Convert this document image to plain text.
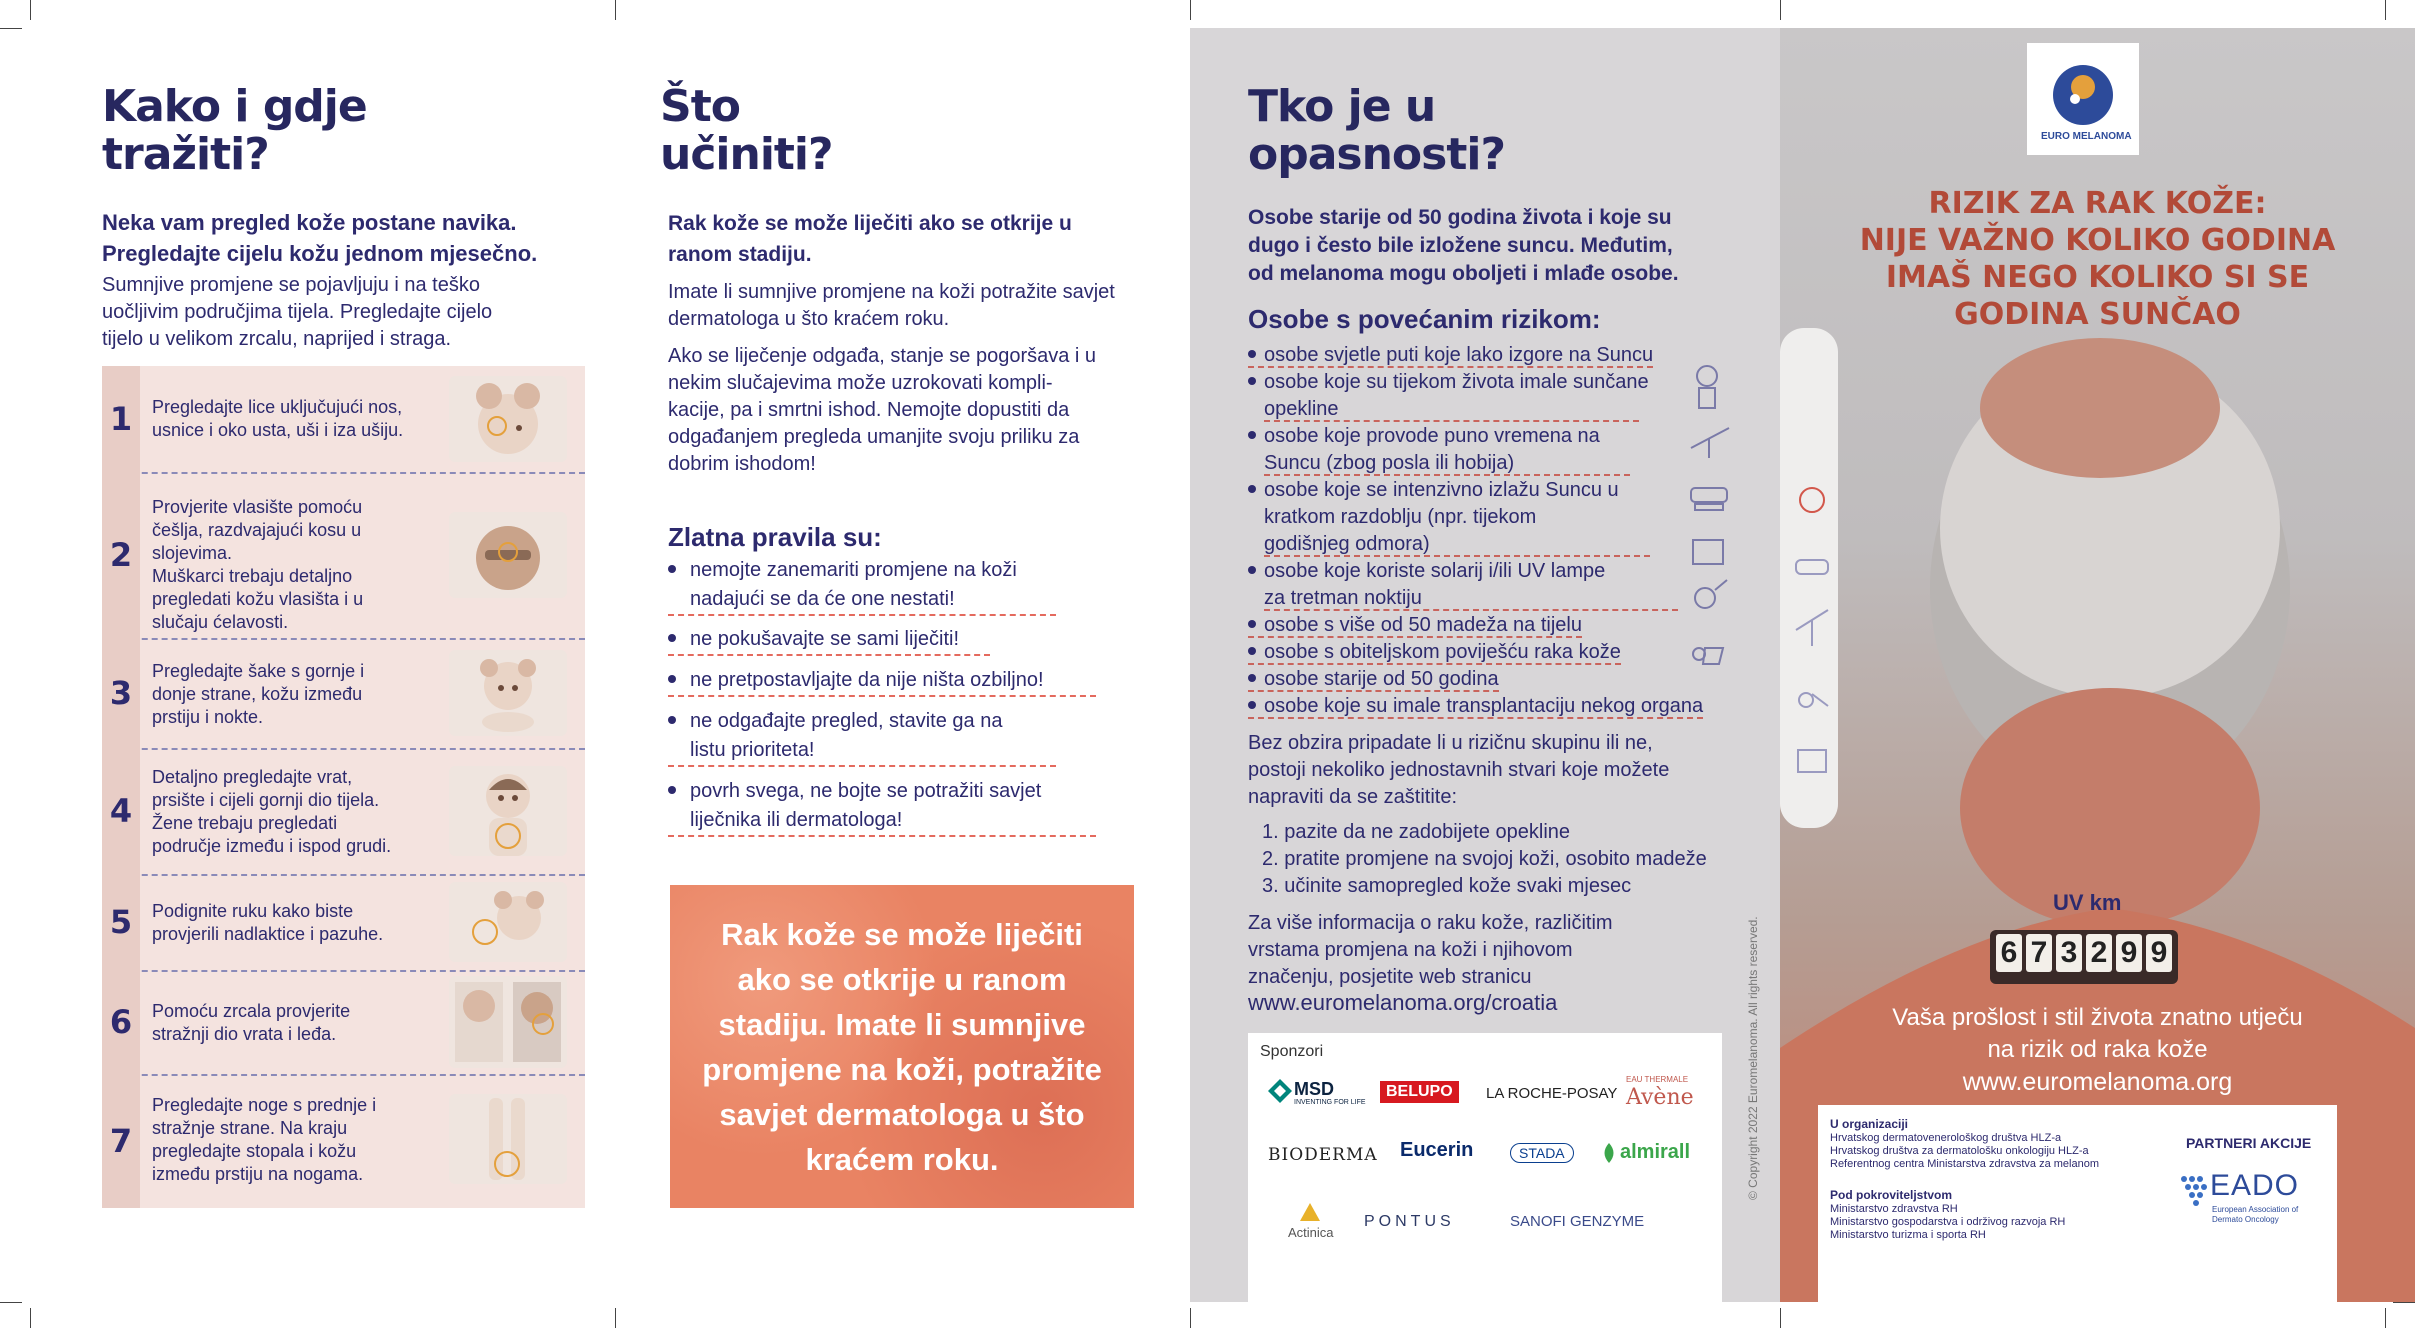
Kako i gdje
tražiti?
Neka vam pregled kože postane navika.
Pregledajte cijelu kožu jednom mjesečno.
Sumnjive promjene se pojavljuju i na teško
uočljivim područjima tijela. Pregledajte cijelo
tijelo u velikom zrcalu, naprijed i straga.
1	Pregledajte lice uključujući nos,
usnice i oko usta, uši i iza ušiju.
2
Provjerite vlasište pomoću
češlja, razdvajajući kosu u slojevima.
Muškarci trebaju detaljno
pregledati kožu vlasišta i u
slučaju ćelavosti.
3
Pregledajte šake s gornje i
donje strane, kožu između
prstiju i nokte.
4
Detaljno pregledajte vrat,
prsište i cijeli gornji dio tijela.
Žene trebaju pregledati
područje između i ispod grudi.
5	Podignite ruku kako biste
provjerili nadlaktice i pazuhe.
6	Pomoću zrcala provjerite
stražnji dio vrata i leđa.
7
Pregledajte noge s prednje i
stražnje strane. Na kraju
pregledajte stopala i kožu
između prstiju na nogama.
Što
učiniti?
Rak kože se može liječiti ako se otkrije u
ranom stadiju.
Imate li sumnjive promjene na koži potražite savjet
dermatologa u što kraćem roku.
Ako se liječenje odgađa, stanje se pogoršava i u
nekim slučajevima može uzrokovati kompli-
kacije, pa i smrtni ishod. Nemojte dopustiti da
odgađanjem pregleda umanjite svoju priliku za
dobrim ishodom!
Zlatna pravila su:
nemojte zanemariti promjene na koži
nadajući se da će one nestati!
ne pokušavajte se sami liječiti!
ne pretpostavljajte da nije ništa ozbiljno!
ne odgađajte pregled, stavite ga na
listu prioriteta!
povrh svega, ne bojte se potražiti savjet
liječnika ili dermatologa!
Rak kože se može liječiti
ako se otkrije u ranom
stadiju. Imate li sumnjive
promjene na koži, potražite
savjet dermatologa u što
kraćem roku.
Tko je u
opasnosti?
Osobe starije od 50 godina života i koje su
dugo i često bile izložene suncu. Međutim,
od melanoma mogu oboljeti i mlađe osobe.
Osobe s povećanim rizikom:
osobe svjetle puti koje lako izgore na Suncu
osobe koje su tijekom života imale sunčane
opekline
osobe koje provode puno vremena na
Suncu (zbog posla ili hobija)
osobe koje se intenzivno izlažu Suncu u
kratkom razdoblju (npr. tijekom
godišnjeg odmora)
osobe koje koriste solarij i/ili UV lampe
za tretman noktiju
osobe s više od 50 madeža na tijelu
osobe s obiteljskom poviješću raka kože
osobe starije od 50 godina
osobe koje su imale transplantaciju nekog organa
Bez obzira pripadate li u rizičnu skupinu ili ne,
postoji nekoliko jednostavnih stvari koje možete
napraviti da se zaštitite:
1. pazite da ne zadobijete opekline
2. pratite promjene na svojoj koži, osobito madeže
3. učinite samopregled kože svaki mjesec
Za više informacija o raku kože, različitim
vrstama promjena na koži i njihovom
značenju, posjetite web stranicu
www.euromelanoma.org/croatia
Sponzori
MSD
INVENTING FOR LIFE
BELUPO	LA ROCHE-POSAY
EAU THERMALE
Avène
BIODERMA Eucerin	STADA	almirall
Actinica
PONTUS	SANOFI GENZYME
© Copyright 2022 Euromelanoma. All rights reserved.
EURO MELANOMA
RIZIK ZA RAK KOŽE:
NIJE VAŽNO KOLIKO GODINA
IMAŠ NEGO KOLIKO SI SE
GODINA SUNČAO
UV km
6 7 3 2 9 9
Vaša prošlost i stil života znatno utječu
na rizik od raka kože
www.euromelanoma.org
U organizaciji
Hrvatskog dermatovenerološkog društva HLZ-a
Hrvatskog društva za dermatološku onkologiju HLZ-a
Referentnog centra Ministarstva zdravstva za melanom
Pod pokroviteljstvom
Ministarstvo zdravstva RH
Ministarstvo gospodarstva i održivog razvoja RH
Ministarstvo turizma i sporta RH
PARTNERI AKCIJE
EADO
European Association of
Dermato Oncology
